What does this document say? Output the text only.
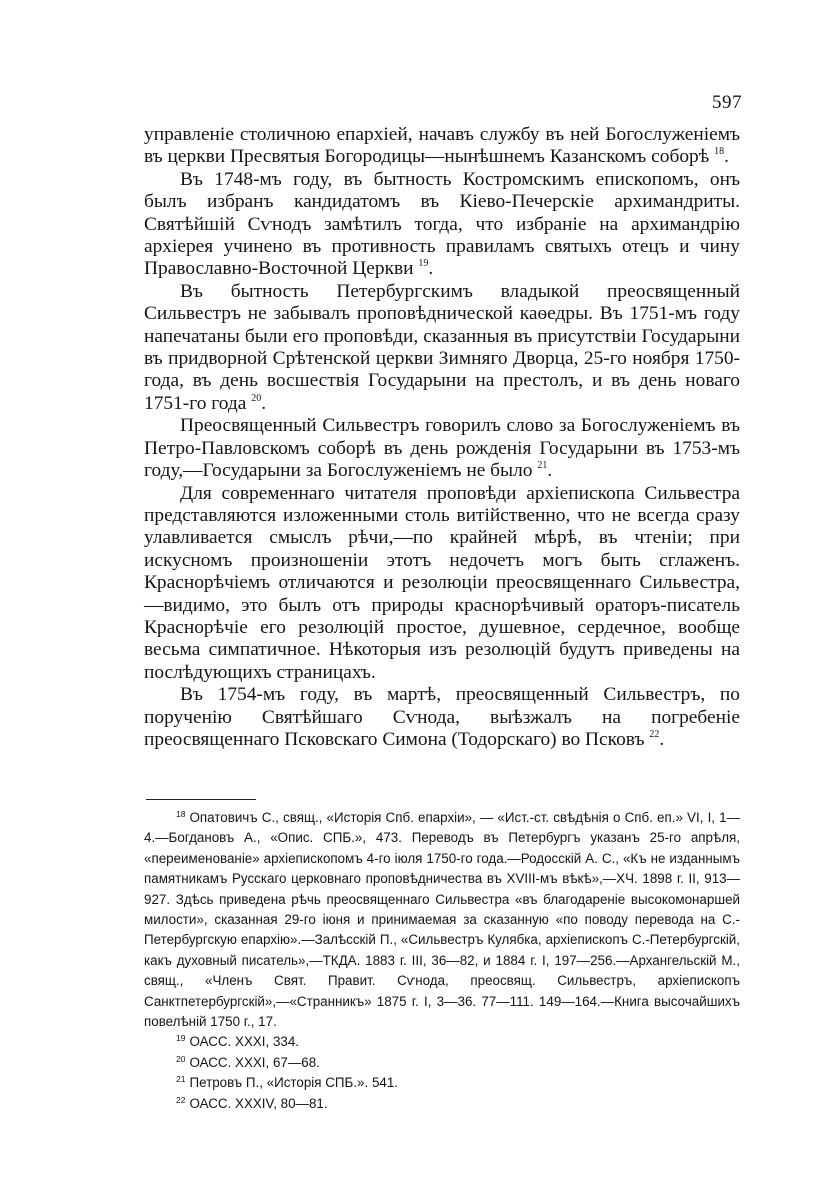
597

управленіе столичною епархіей, начавъ службу въ ней Богослуженіемъ въ церкви Пресвятыя Богородицы—нынѣшнемъ Казанскомъ соборѣ $^{18}$.

Въ 1748-мъ году, въ бытность Костромскимъ епископомъ, онъ былъ избранъ кандидатомъ въ Кіево-Печерскіе архимандриты. Святѣйшій Сѵнодъ замѣтилъ тогда, что избраніе на архимандрію архіерея учинено въ противность правиламъ святыхъ отецъ и чину Православно-Восточной Церкви $^{19}$.

Въ бытность Петербургскимъ владыкой преосвященный Сильвестръ не забывалъ проповѣднической каѳедры. Въ 1751-мъ году напечатаны были его проповѣди, сказанныя въ присутствіи Государыни въ придворной Срѣтенской церкви Зимняго Дворца, 25-го ноября 1750-года, въ день восшествія Государыни на престолъ, и въ день новаго 1751-го года $^{20}$.

Преосвященный Сильвестръ говорилъ слово за Богослуженіемъ въ Петро-Павловскомъ соборѣ въ день рожденія Государыни въ 1753-мъ году,—Государыни за Богослуженіемъ не было $^{21}$.

Для современнаго читателя проповѣди архіепископа Сильвестра представляются изложенными столь витійственно, что не всегда сразу улавливается смыслъ рѣчи,—по крайней мѣрѣ, въ чтеніи; при искусномъ произношеніи этотъ недочетъ могъ быть сглаженъ. Краснорѣчіемъ отличаются и резолюціи преосвященнаго Сильвестра,—видимо, это былъ отъ природы краснорѣчивый ораторъ-писатель Краснорѣчіе его резолюцій простое, душевное, сердечное, вообще весьма симпатичное. Нѣкоторыя изъ резолюцій будутъ приведены на послѣдующихъ страницахъ.

Въ 1754-мъ году, въ мартѣ, преосвященный Сильвестръ, по порученію Святѣйшаго Сѵнода, выѣзжалъ на погребеніе преосвященнаго Псковскаго Симона (Тодорскаго) во Псковъ $^{22}$.

$^{18}$ Опатовичъ С., свящ., «Исторія Спб. епархіи», — «Ист.-ст. свѣдѣнія о Спб. еп.» VI, I, 1—4.—Богдановъ А., «Опис. СПБ.», 473. Переводъ въ Петербургъ указанъ 25-го апрѣля, «переименованіе» архіепископомъ 4-го іюля 1750-го года.—Родосскій А. С., «Къ не изданнымъ памятникамъ Русскаго церковнаго проповѣдничества въ XVIII-мъ вѣкѣ»,—ХЧ. 1898 г. II, 913—927. Здѣсь приведена рѣчь преосвященнаго Сильвестра «въ благодареніе высокомонаршей милости», сказанная 29-го іюня и принимаемая за сказанную «по поводу перевода на С.-Петербургскую епархію».—Залѣсскій П., «Сильвестръ Кулябка, архіепископъ С.-Петербургскій, какъ духовный писатель»,—ТКДА. 1883 г. III, 36—82, и 1884 г. I, 197—256.—Архангельскій М., свящ., «Членъ Свят. Правит. Сѵнода, преосвящ. Сильвестръ, архіепископъ Санктпетербургскій»,—«Странникъ» 1875 г. I, 3—36. 77—111. 149—164.—Книга высочайшихъ повелѣній 1750 г., 17.

$^{19}$ ОАСС. XXXI, 334.

$^{20}$ ОАСС. XXXI, 67—68.

$^{21}$ Петровъ П., «Исторія СПБ.». 541.

$^{22}$ ОАСС. XXXIV, 80—81.
